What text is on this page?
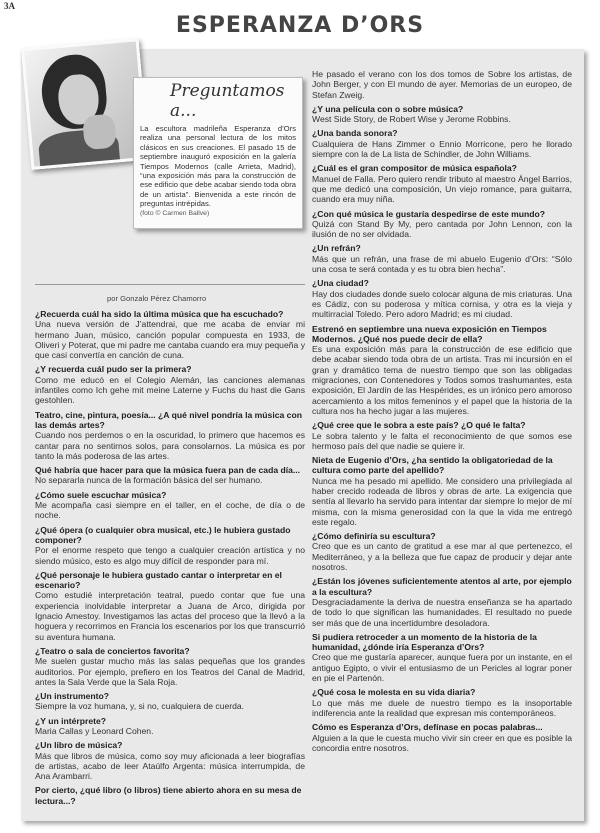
3A
ESPERANZA D’ORS
Preguntamos a...
La escultora madrileña Esperanza d’Ors realiza una personal lectura de los mitos clásicos en sus creaciones. El pasado 15 de septiembre inauguró exposición en la galería Tiempos Modernos (calle Arrieta, Madrid), “una exposición más para la construcción de ese edificio que debe acabar siendo toda obra de un artista”. Bienvenida a este rincón de preguntas intrépidas.
(foto © Carmen Ballve)
por Gonzalo Pérez Chamorro
¿Recuerda cuál ha sido la última música que ha escuchado?
Una nueva versión de J’attendrai, que me acaba de enviar mi hermano Juan, músico, canción popular compuesta en 1933, de Oliveri y Poterat, que mi padre me cantaba cuando era muy pequeña y que casi convertía en canción de cuna.
¿Y recuerda cuál pudo ser la primera?
Como me educó en el Colegio Alemán, las canciones alemanas infantiles como Ich gehe mit meine Laterne y Fuchs du hast die Gans gestohlen.
Teatro, cine, pintura, poesía... ¿A qué nivel pondría la música con las demás artes?
Cuando nos perdemos o en la oscuridad, lo primero que hacemos es cantar para no sentirnos solos, para consolarnos. La música es por tanto la más poderosa de las artes.
Qué habría que hacer para que la música fuera pan de cada día...
No separarla nunca de la formación básica del ser humano.
¿Cómo suele escuchar música?
Me acompaña casi siempre en el taller, en el coche, de día o de noche.
¿Qué ópera (o cualquier obra musical, etc.) le hubiera gustado componer?
Por el enorme respeto que tengo a cualquier creación artística y no siendo músico, esto es algo muy difícil de responder para mí.
¿Qué personaje le hubiera gustado cantar o interpretar en el escenario?
Como estudié interpretación teatral, puedo contar que fue una experiencia inolvidable interpretar a Juana de Arco, dirigida por Ignacio Amestoy. Investigamos las actas del proceso que la llevó a la hoguera y recorrimos en Francia los escenarios por los que transcurrió su aventura humana.
¿Teatro o sala de conciertos favorita?
Me suelen gustar mucho más las salas pequeñas que los grandes auditorios. Por ejemplo, prefiero en los Teatros del Canal de Madrid, antes la Sala Verde que la Sala Roja.
¿Un instrumento?
Siempre la voz humana, y, si no, cualquiera de cuerda.
¿Y un intérprete?
Maria Callas y Leonard Cohen.
¿Un libro de música?
Más que libros de música, como soy muy aficionada a leer biografías de artistas, acabo de leer Ataúlfo Argenta: música interrumpida, de Ana Arambarri.
Por cierto, ¿qué libro (o libros) tiene abierto ahora en su mesa de lectura...?
He pasado el verano con los dos tomos de Sobre los artistas, de John Berger, y con El mundo de ayer. Memorias de un europeo, de Stefan Zweig.
¿Y una película con o sobre música?
West Side Story, de Robert Wise y Jerome Robbins.
¿Una banda sonora?
Cualquiera de Hans Zimmer o Ennio Morricone, pero he llorado siempre con la de La lista de Schindler, de John Williams.
¿Cuál es el gran compositor de música española?
Manuel de Falla. Pero quiero rendir tributo al maestro Ángel Barrios, que me dedicó una composición, Un viejo romance, para guitarra, cuando era muy niña.
¿Con qué música le gustaría despedirse de este mundo?
Quizá con Stand By My, pero cantada por John Lennon, con la ilusión de no ser olvidada.
¿Un refrán?
Más que un refrán, una frase de mi abuelo Eugenio d’Ors: “Sólo una cosa te será contada y es tu obra bien hecha”.
¿Una ciudad?
Hay dos ciudades donde suelo colocar alguna de mis criaturas. Una es Cádiz, con su poderosa y mítica cornisa, y otra es la vieja y multirracial Toledo. Pero adoro Madrid; es mi ciudad.
Estrenó en septiembre una nueva exposición en Tiempos Modernos. ¿Qué nos puede decir de ella?
Es una exposición más para la construcción de ese edificio que debe acabar siendo toda obra de un artista. Tras mi incursión en el gran y dramático tema de nuestro tiempo que son las obligadas migraciones, con Contenedores y Todos somos trashumantes, esta exposición, El Jardín de las Hespérides, es un irónico pero amoroso acercamiento a los mitos femeninos y el papel que la historia de la cultura nos ha hecho jugar a las mujeres.
¿Qué cree que le sobra a este país? ¿O qué le falta?
Le sobra talento y le falta el reconocimiento de que somos ese hermoso país del que nadie se quiere ir.
Nieta de Eugenio d’Ors, ¿ha sentido la obligatoriedad de la cultura como parte del apellido?
Nunca me ha pesado mi apellido. Me considero una privilegiada al haber crecido rodeada de libros y obras de arte. La exigencia que sentía al llevarlo ha servido para intentar dar siempre lo mejor de mí misma, con la misma generosidad con la que la vida me entregó este regalo.
¿Cómo definiría su escultura?
Creo que es un canto de gratitud a ese mar al que pertenezco, el Mediterráneo, y a la belleza que fue capaz de producir y dejar ante nosotros.
¿Están los jóvenes suficientemente atentos al arte, por ejemplo a la escultura?
Desgraciadamente la deriva de nuestra enseñanza se ha apartado de todo lo que significan las humanidades. El resultado no puede ser más que de una incertidumbre desoladora.
Si pudiera retroceder a un momento de la historia de la humanidad, ¿dónde iría Esperanza d’Ors?
Creo que me gustaría aparecer, aunque fuera por un instante, en el antiguo Egipto, o vivir el entusiasmo de un Pericles al lograr poner en pie el Partenón.
¿Qué cosa le molesta en su vida diaria?
Lo que más me duele de nuestro tiempo es la insoportable indiferencia ante la realidad que expresan mis contemporáneos.
Cómo es Esperanza d’Ors, defínase en pocas palabras...
Alguien a la que le cuesta mucho vivir sin creer en que es posible la concordia entre nosotros.
